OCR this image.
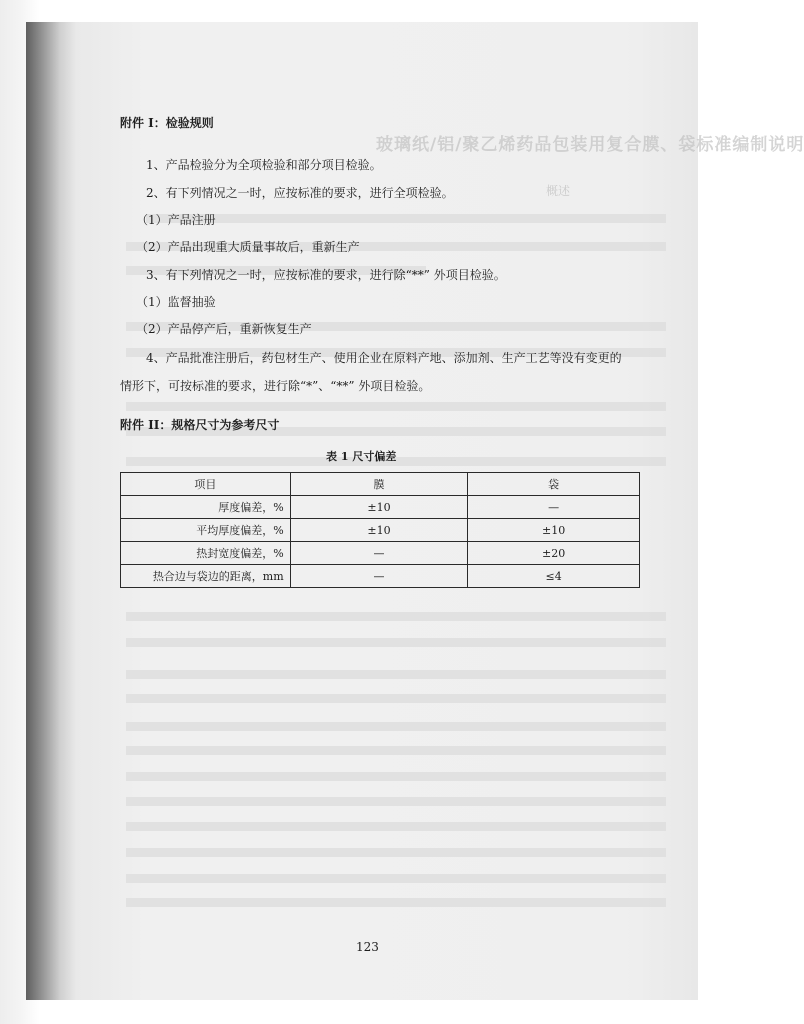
玻璃纸/铝/聚乙烯药品包装用复合膜、袋标准编制说明
概述
附件 I：检验规则
1、产品检验分为全项检验和部分项目检验。
2、有下列情况之一时，应按标准的要求，进行全项检验。
（1）产品注册
（2）产品出现重大质量事故后，重新生产
3、有下列情况之一时，应按标准的要求，进行除“**” 外项目检验。
（1）监督抽验
（2）产品停产后，重新恢复生产
4、产品批准注册后，药包材生产、使用企业在原料产地、添加剂、生产工艺等没有变更的
情形下，可按标准的要求，进行除“*”、“**” 外项目检验。
附件 II：规格尺寸为参考尺寸
表 1 尺寸偏差
项目	膜	袋
厚度偏差，%	±10	—
平均厚度偏差，%	±10	±10
热封宽度偏差，%	—	±20
热合边与袋边的距离，mm	—	≤4
123
